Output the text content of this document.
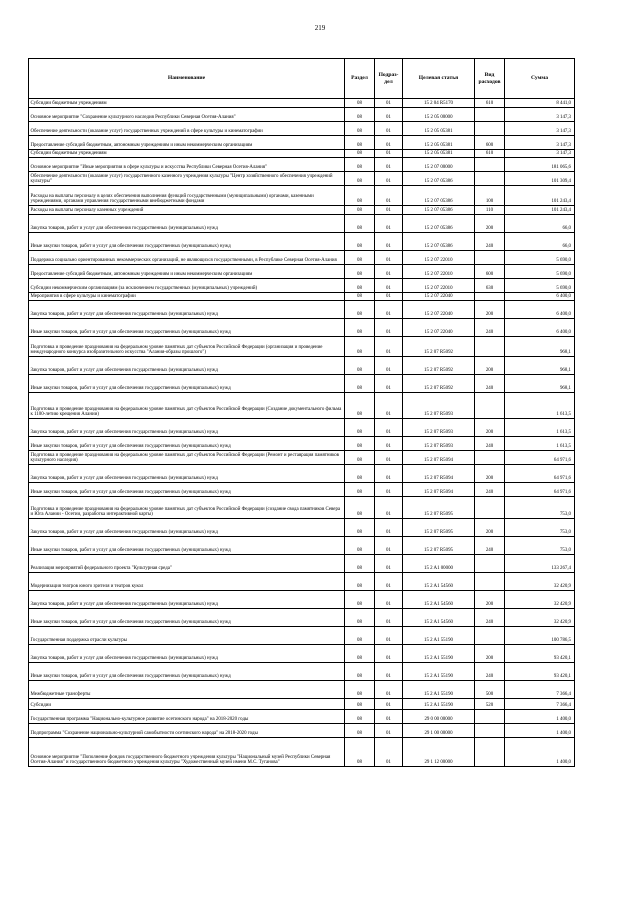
219
Наименование	Раздел	Подраз-дел	Целевая статья	Вид расходов	Сумма
Субсидии бюджетным учреждениям	08	01	15 2 04 R5170	610	8 441,0
Основное мероприятие "Сохранение культурного наследия Республики Северная Осетия-Алания"	08	01	15 2 05 00000		3 147,3
Обеспечение деятельности (оказание услуг) государственных учреждений в сфере культуры и кинематографии	08	01	15 2 05 05381		3 147,3
Предоставление субсидий бюджетным, автономным учреждениям и иным некоммерческим организациям	08	01	15 2 05 05381	600	3 147,3
Субсидии бюджетным учреждениям	08	01	15 2 05 05381	610	3 147,3
Основное мероприятие "Иные мероприятия в сфере культуры и искусства Республики Северная Осетия-Алания"	08	01	15 2 07 00000		181 065,6
Обеспечение деятельности (оказание услуг) государственного казенного учреждения культуры "Центр хозяйственного обеспечения учреждений культуры"	08	01	15 2 07 05386		101 309,4
Расходы на выплаты персоналу в целях обеспечения выполнения функций государственными (муниципальными) органами, казенными учреждениями, органами управления государственными внебюджетными фондами	08	01	15 2 07 05386	100	101 243,4
Расходы на выплаты персоналу казенных учреждений	08	01	15 2 07 05386	110	101 243,4
Закупка товаров, работ и услуг для обеспечения государственных (муниципальных) нужд	08	01	15 2 07 05386	200	66,0
Иные закупки товаров, работ и услуг для обеспечения государственных (муниципальных) нужд	08	01	15 2 07 05386	240	66,0
Поддержка социально ориентированных некоммерческих организаций, не являющихся государственными, в Республике Северная Осетия-Алания	08	01	15 2 07 22010		5 690,0
Предоставление субсидий бюджетным, автономным учреждениям и иным некоммерческим организациям	08	01	15 2 07 22010	600	5 690,0
Субсидии некоммерческим организациям (за исключением государственных (муниципальных) учреждений)	08	01	15 2 07 22010	630	5 690,0
Мероприятия в сфере культуры и кинематографии	08	01	15 2 07 22040		6 400,0
Закупка товаров, работ и услуг для обеспечения государственных (муниципальных) нужд	08	01	15 2 07 22040	200	6 400,0
Иные закупки товаров, работ и услуг для обеспечения государственных (муниципальных) нужд	08	01	15 2 07 22040	240	6 400,0
Подготовка и проведение празднования на федеральном уровне памятных дат субъектов Российской Федерации (организация и проведение международного конкурса изобразительного искусства "Алания-образы прошлого")	08	01	15 2 07 R5092		968,1
Закупка товаров, работ и услуг для обеспечения государственных (муниципальных) нужд	08	01	15 2 07 R5092	200	968,1
Иные закупки товаров, работ и услуг для обеспечения государственных (муниципальных) нужд	08	01	15 2 07 R5092	240	968,1
Подготовка и проведение празднования на федеральном уровне памятных дат субъектов Российской Федерации (Создание документального фильма к 1100-летию крещения Алании)	08	01	15 2 07 R5093		1 613,5
Закупка товаров, работ и услуг для обеспечения государственных (муниципальных) нужд	08	01	15 2 07 R5093	200	1 613,5
Иные закупки товаров, работ и услуг для обеспечения государственных (муниципальных) нужд	08	01	15 2 07 R5093	240	1 613,5
Подготовка и проведение празднования на федеральном уровне памятных дат субъектов Российской Федерации (Ремонт и реставрация памятников культурного наследия)	08	01	15 2 07 R5094		64 971,6
Закупка товаров, работ и услуг для обеспечения государственных (муниципальных) нужд	08	01	15 2 07 R5094	200	64 971,6
Иные закупки товаров, работ и услуг для обеспечения государственных (муниципальных) нужд	08	01	15 2 07 R5094	240	64 971,6
Подготовка и проведение празднования на федеральном уровне памятных дат субъектов Российской Федерации (создание свода памятников Севера и Юга Алании - Осетии, разработка интерактивной карты)	08	01	15 2 07 R5095		753,0
Закупка товаров, работ и услуг для обеспечения государственных (муниципальных) нужд	08	01	15 2 07 R5095	200	753,0
Иные закупки товаров, работ и услуг для обеспечения государственных (муниципальных) нужд	08	01	15 2 07 R5095	240	753,0
Реализация мероприятий федерального проекта "Культурная среда"	08	01	15 2 A1 00000		133 267,4
Модернизация театров юного зрителя и театров кукол	08	01	15 2 A1 54560		32 420,9
Закупка товаров, работ и услуг для обеспечения государственных (муниципальных) нужд	08	01	15 2 A1 54560	200	32 420,9
Иные закупки товаров, работ и услуг для обеспечения государственных (муниципальных) нужд	08	01	15 2 A1 54560	240	32 420,9
Государственная поддержка отрасли культуры	08	01	15 2 A1 55190		100 786,5
Закупка товаров, работ и услуг для обеспечения государственных (муниципальных) нужд	08	01	15 2 A1 55190	200	93 420,1
Иные закупки товаров, работ и услуг для обеспечения государственных (муниципальных) нужд	08	01	15 2 A1 55190	240	93 420,1
Межбюджетные трансферты	08	01	15 2 A1 55190	500	7 366,4
Субсидии	08	01	15 2 A1 55190	520	7 366,4
Государственная программа "Национально-культурное развитие осетинского народа" на 2018-2020 годы	08	01	29 0 00 00000		1 400,0
Подпрограмма "Сохранение национально-культурной самобытности осетинского народа" на 2018-2020 годы	08	01	29 1 00 00000		1 400,0
Основное мероприятие "Пополнение фондов государственного бюджетного учреждения культуры "Национальный музей Республики Северная Осетия-Алания" и государственного бюджетного учреждения культуры "Художественный музей имени М.С. Туганова"	08	01	29 1 12 00000		1 400,0
